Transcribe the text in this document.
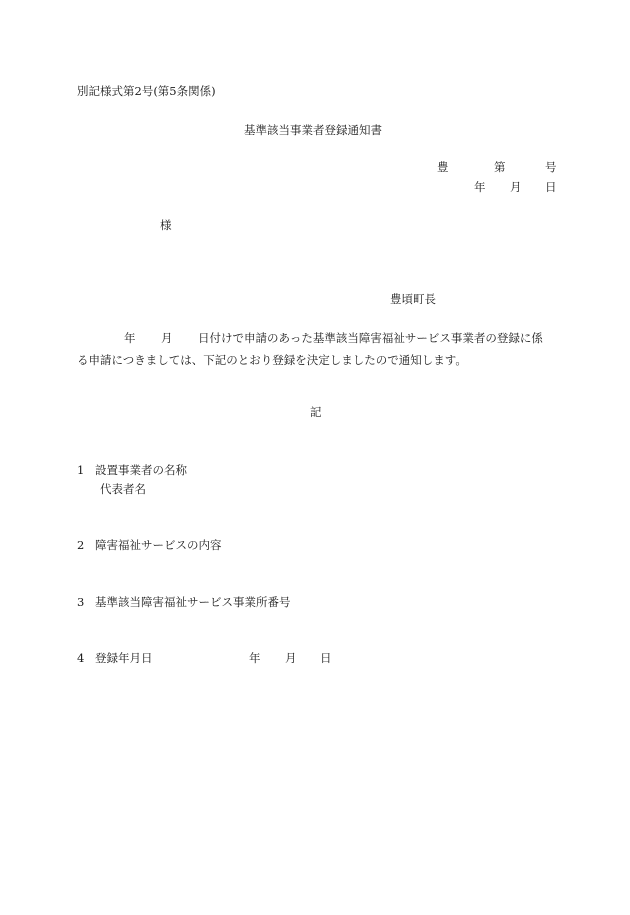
別記様式第2号(第5条関係)
基準該当事業者登録通知書
豊	第	号
年 月 日
様
豊頃町長
年 月 日付けで申請のあった基準該当障害福祉サービス事業者の登録に係
る申請につきましては、下記のとおり登録を決定しましたので通知します。
記
1 設置事業者の名称
代表者名
2 障害福祉サービスの内容
3 基準該当障害福祉サービス事業所番号
4 登録年月日	年 月 日
